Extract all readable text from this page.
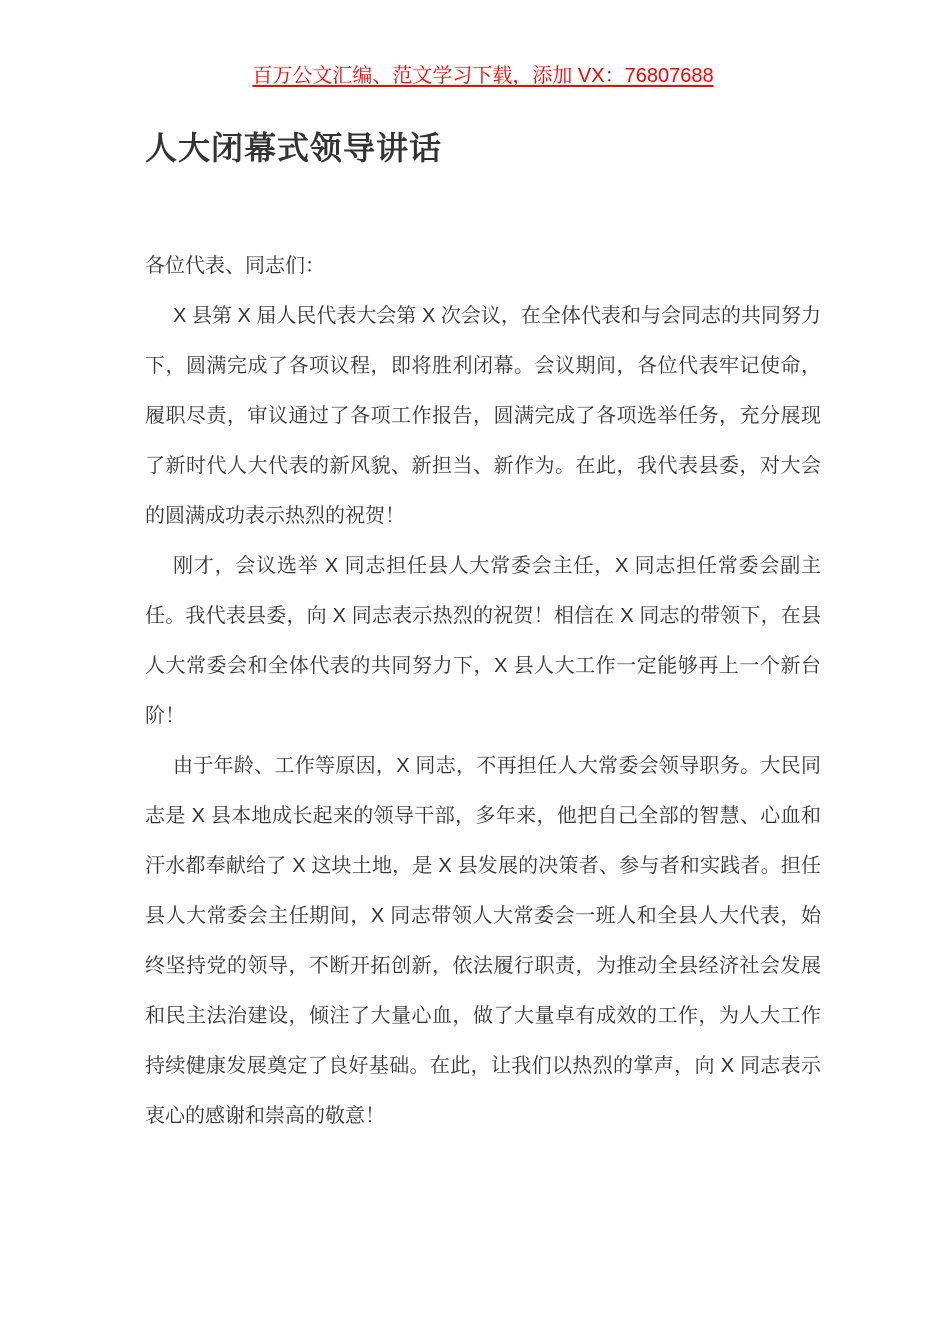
百万公文汇编、范文学习下载，添加 VX：76807688
人大闭幕式领导讲话

各位代表、同志们：

X 县第 X 届人民代表大会第 X 次会议，在全体代表和与会同志的共同努力下，圆满完成了各项议程，即将胜利闭幕。会议期间，各位代表牢记使命，履职尽责，审议通过了各项工作报告，圆满完成了各项选举任务，充分展现了新时代人大代表的新风貌、新担当、新作为。在此，我代表县委，对大会的圆满成功表示热烈的祝贺！

刚才，会议选举 X 同志担任县人大常委会主任，X 同志担任常委会副主任。我代表县委，向 X 同志表示热烈的祝贺！相信在 X 同志的带领下，在县人大常委会和全体代表的共同努力下，X 县人大工作一定能够再上一个新台阶！

由于年龄、工作等原因，X 同志，不再担任人大常委会领导职务。大民同志是 X 县本地成长起来的领导干部，多年来，他把自己全部的智慧、心血和汗水都奉献给了 X 这块土地，是 X 县发展的决策者、参与者和实践者。担任县人大常委会主任期间，X 同志带领人大常委会一班人和全县人大代表，始终坚持党的领导，不断开拓创新，依法履行职责，为推动全县经济社会发展和民主法治建设，倾注了大量心血，做了大量卓有成效的工作，为人大工作持续健康发展奠定了良好基础。在此，让我们以热烈的掌声，向 X 同志表示衷心的感谢和崇高的敬意！
